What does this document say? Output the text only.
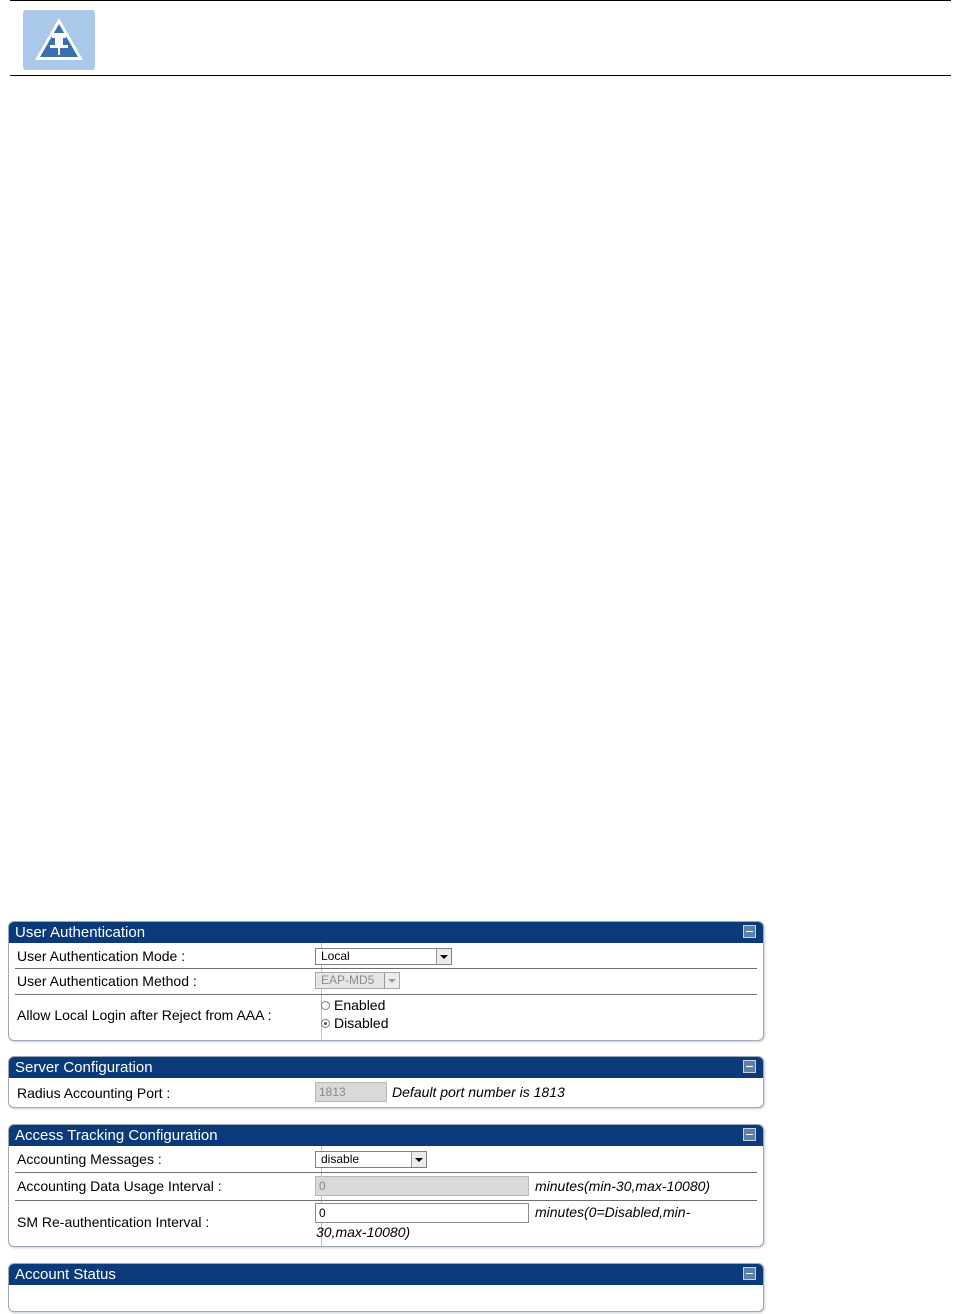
User Authentication
User Authentication Mode :	Local
User Authentication Method :	EAP-MD5
Allow Local Login after Reject from AAA :
Enabled
Disabled
Server Configuration
Radius Accounting Port :	1813	Default port number is 1813
Access Tracking Configuration
Accounting Messages :	disable
Accounting Data Usage Interval :	0	minutes(min-30,max-10080)
SM Re-authentication Interval :
0	minutes(0=Disabled,min-
30,max-10080)
Account Status
